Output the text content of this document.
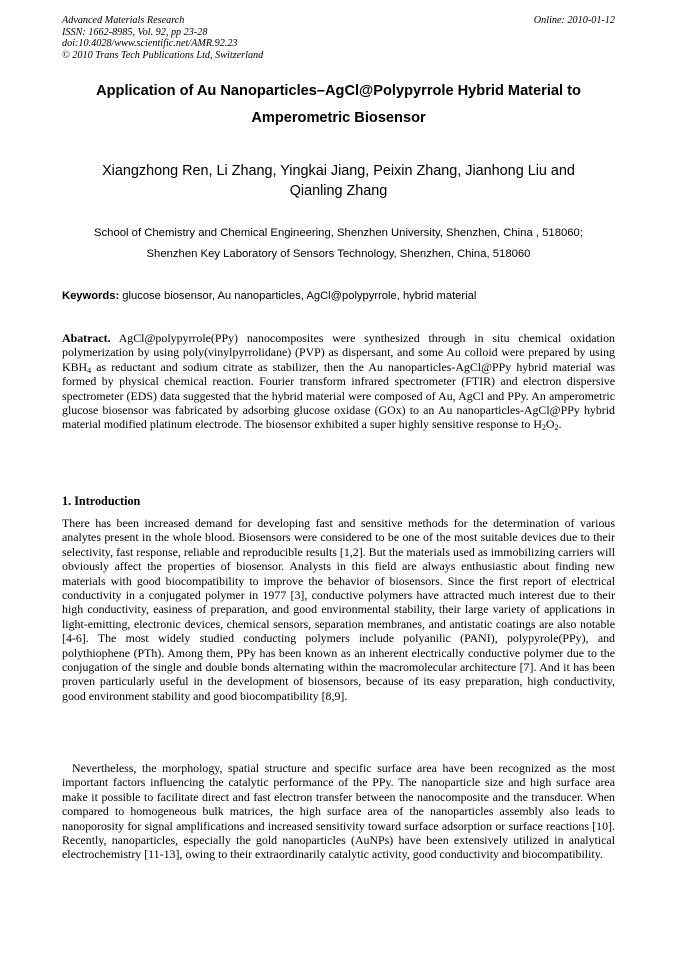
Advanced Materials Research
ISSN: 1662-8985, Vol. 92, pp 23-28
doi:10.4028/www.scientific.net/AMR.92.23
© 2010 Trans Tech Publications Ltd, Switzerland
Online: 2010-01-12
Application of Au Nanoparticles–AgCl@Polypyrrole Hybrid Material to
Amperometric Biosensor
Xiangzhong Ren, Li Zhang, Yingkai Jiang, Peixin Zhang, Jianhong Liu and
Qianling Zhang
School of Chemistry and Chemical Engineering, Shenzhen University, Shenzhen, China , 518060;
Shenzhen Key Laboratory of Sensors Technology, Shenzhen, China, 518060
Keywords: glucose biosensor, Au nanoparticles, AgCl@polypyrrole, hybrid material

Abatract. AgCl@polypyrrole(PPy) nanocomposites were synthesized through in situ chemical oxidation polymerization by using poly(vinylpyrrolidane) (PVP) as dispersant, and some Au colloid were prepared by using $KBH_4$ as reductant and sodium citrate as stabilizer, then the Au nanoparticles-AgCl@PPy hybrid material was formed by physical chemical reaction. Fourier transform infrared spectrometer (FTIR) and electron dispersive spectrometer (EDS) data suggested that the hybrid material were composed of Au, AgCl and PPy. An amperometric glucose biosensor was fabricated by adsorbing glucose oxidase (GOx) to an Au nanoparticles-AgCl@PPy hybrid material modified platinum electrode. The biosensor exhibited a super highly sensitive response to $H_2O_2$.

1. Introduction

There has been increased demand for developing fast and sensitive methods for the determination of various analytes present in the whole blood. Biosensors were considered to be one of the most suitable devices due to their selectivity, fast response, reliable and reproducible results [1,2]. But the materials used as immobilizing carriers will obviously affect the properties of biosensor. Analysts in this field are always enthusiastic about finding new materials with good biocompatibility to improve the behavior of biosensors. Since the first report of electrical conductivity in a conjugated polymer in 1977 [3], conductive polymers have attracted much interest due to their high conductivity, easiness of preparation, and good environmental stability, their large variety of applications in light-emitting, electronic devices, chemical sensors, separation membranes, and antistatic coatings are also notable [4-6]. The most widely studied conducting polymers include polyanilic (PANI), polypyrole(PPy), and polythiophene (PTh). Among them, PPy has been known as an inherent electrically conductive polymer due to the conjugation of the single and double bonds alternating within the macromolecular architecture [7]. And it has been proven particularly useful in the development of biosensors, because of its easy preparation, high conductivity, good environment stability and good biocompatibility [8,9].

Nevertheless, the morphology, spatial structure and specific surface area have been recognized as the most important factors influencing the catalytic performance of the PPy. The nanoparticle size and high surface area make it possible to facilitate direct and fast electron transfer between the nanocomposite and the transducer. When compared to homogeneous bulk matrices, the high surface area of the nanoparticles assembly also leads to nanoporosity for signal amplifications and increased sensitivity toward surface adsorption or surface reactions [10]. Recently, nanoparticles, especially the gold nanoparticles (AuNPs) have been extensively utilized in analytical electrochemistry [11-13], owing to their extraordinarily catalytic activity, good conductivity and biocompatibility.
